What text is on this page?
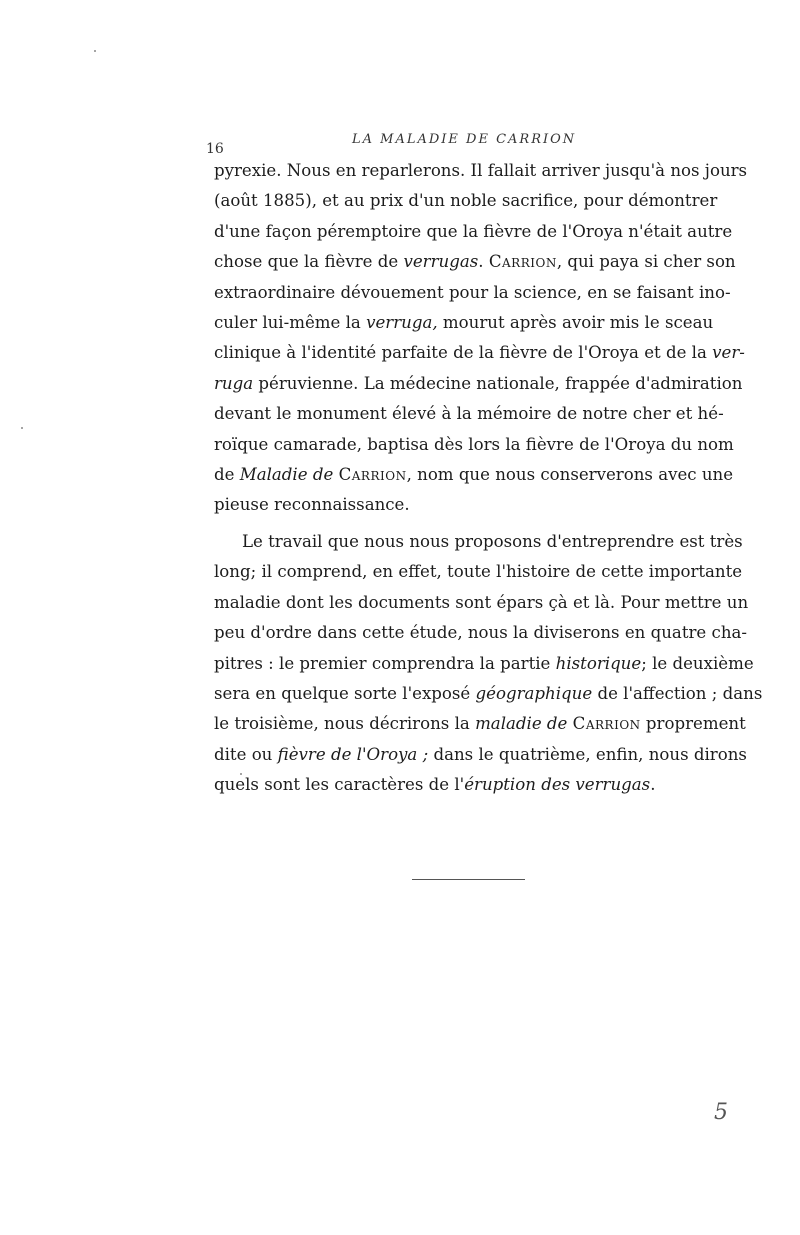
16
LA MALADIE DE CARRION
pyrexie. Nous en reparlerons. Il fallait arriver jusqu'à nos jours
(août 1885), et au prix d'un noble sacrifice, pour démontrer
d'une façon péremptoire que la fièvre de l'Oroya n'était autre
chose que la fièvre de verrugas. Carrion, qui paya si cher son
extraordinaire dévouement pour la science, en se faisant ino-
culer lui-même la verruga, mourut après avoir mis le sceau
clinique à l'identité parfaite de la fièvre de l'Oroya et de la ver-
ruga péruvienne. La médecine nationale, frappée d'admiration
devant le monument élevé à la mémoire de notre cher et hé-
roïque camarade, baptisa dès lors la fièvre de l'Oroya du nom
de Maladie de Carrion, nom que nous conserverons avec une
pieuse reconnaissance.
Le travail que nous nous proposons d'entreprendre est très
long; il comprend, en effet, toute l'histoire de cette importante
maladie dont les documents sont épars çà et là. Pour mettre un
peu d'ordre dans cette étude, nous la diviserons en quatre cha-
pitres : le premier comprendra la partie historique; le deuxième
sera en quelque sorte l'exposé géographique de l'affection ; dans
le troisième, nous décrirons la maladie de Carrion proprement
dite ou fièvre de l'Oroya ; dans le quatrième, enfin, nous dirons
quels sont les caractères de l'éruption des verrugas.
5
